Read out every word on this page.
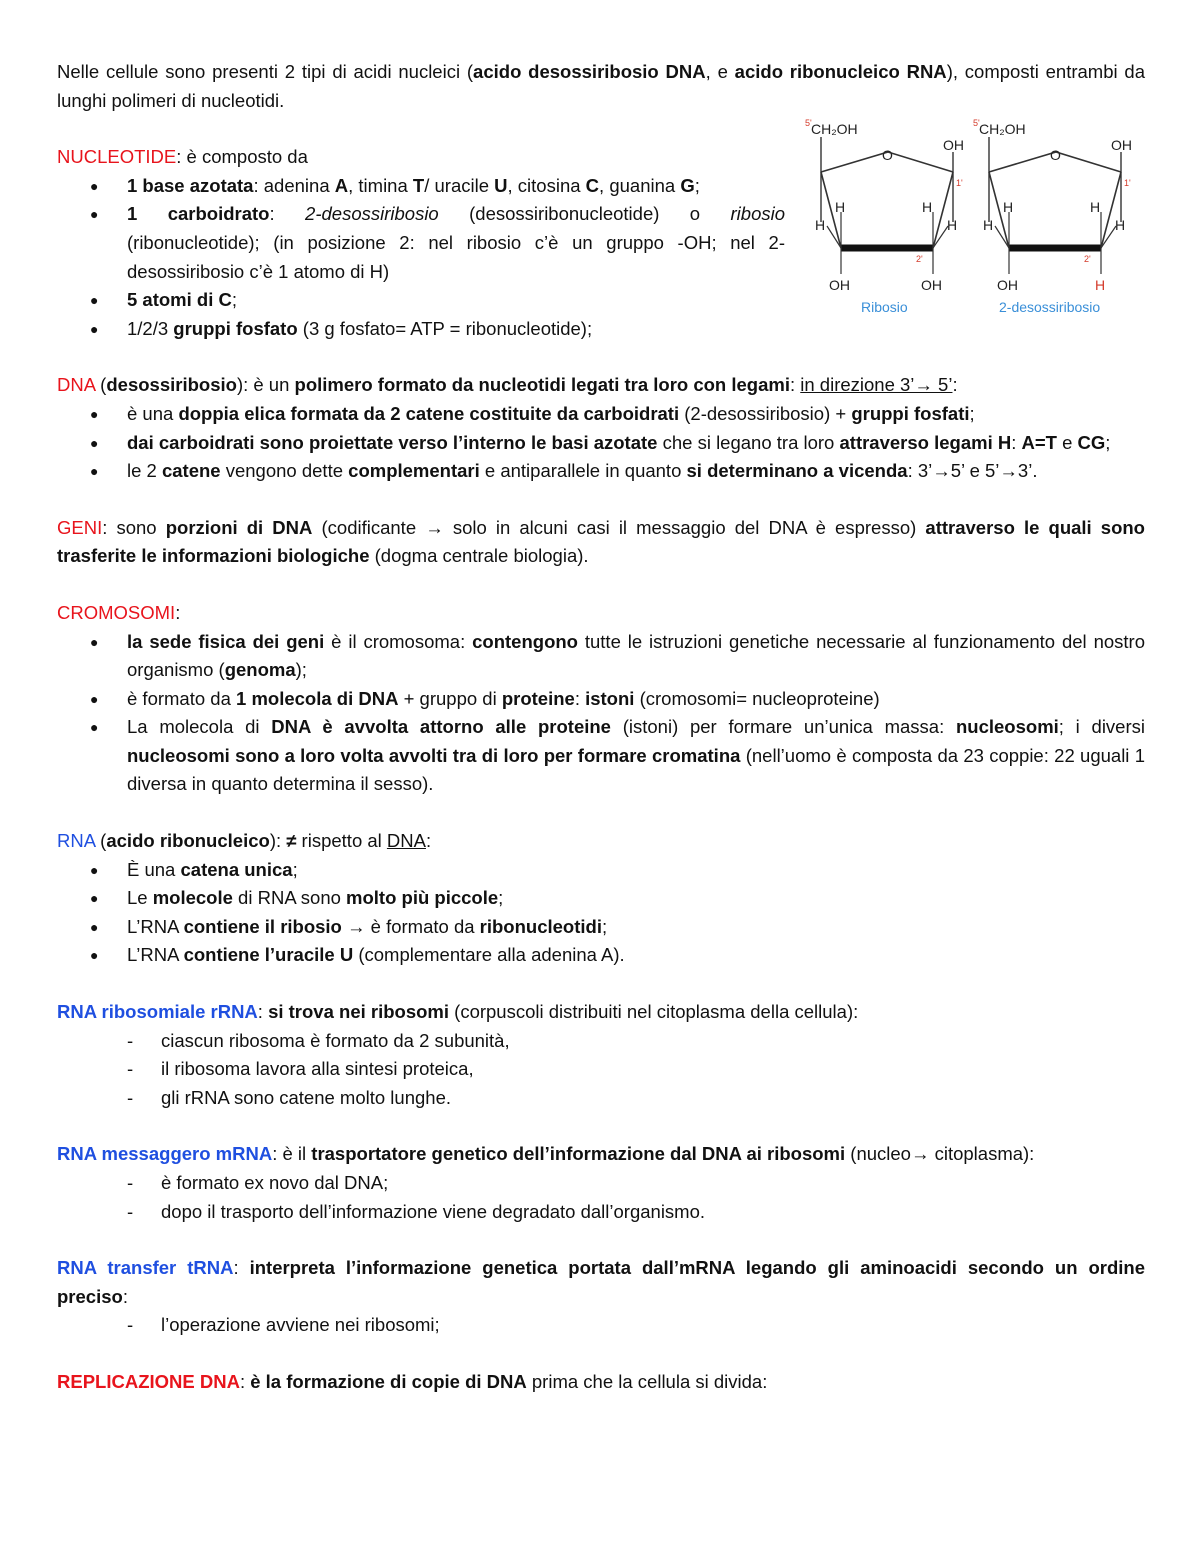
5' CH₂OH
O
OH
1'
H
H
H
H
2'
OH	OH
Ribosio
5' CH₂OH
O
OH
1'
H
H
H
H
2'
OH	H
2-desossiribosio

Nelle cellule sono presenti 2 tipi di acidi nucleici (acido desossiribosio DNA, e acido ribonucleico RNA), composti entrambi da lunghi polimeri di nucleotidi.

NUCLEOTIDE: è composto da

● 1 base azotata: adenina A, timina T/ uracile U, citosina C, guanina G;
● 1 carboidrato: 2-desossiribosio (desossiribonucleotide) o ribosio (ribonucleotide); (in posizione 2: nel ribosio c’è un gruppo -OH; nel 2-desossiribosio c’è 1 atomo di H)
● 5 atomi di C;
● 1/2/3 gruppi fosfato (3 g fosfato= ATP = ribonucleotide);

DNA (desossiribosio): è un polimero formato da nucleotidi legati tra loro con legami: in direzione 3’→ 5’:

● è una doppia elica formata da 2 catene costituite da carboidrati (2-desossiribosio) + gruppi fosfati;
● dai carboidrati sono proiettate verso l’interno le basi azotate che si legano tra loro attraverso legami H: A=T e CG;
● le 2 catene vengono dette complementari e antiparallele in quanto si determinano a vicenda: 3’→5’ e 5’→3’.

GENI: sono porzioni di DNA (codificante → solo in alcuni casi il messaggio del DNA è espresso) attraverso le quali sono trasferite le informazioni biologiche (dogma centrale biologia).

CROMOSOMI:

● la sede fisica dei geni è il cromosoma: contengono tutte le istruzioni genetiche necessarie al funzionamento del nostro organismo (genoma);
● è formato da 1 molecola di DNA + gruppo di proteine: istoni (cromosomi= nucleoproteine)
● La molecola di DNA è avvolta attorno alle proteine (istoni) per formare un’unica massa: nucleosomi; i diversi nucleosomi sono a loro volta avvolti tra di loro per formare cromatina (nell’uomo è composta da 23 coppie: 22 uguali 1 diversa in quanto determina il sesso).

RNA (acido ribonucleico): ≠ rispetto al DNA:

● È una catena unica;
● Le molecole di RNA sono molto più piccole;
● L’RNA contiene il ribosio → è formato da ribonucleotidi;
● L’RNA contiene l’uracile U (complementare alla adenina A).

RNA ribosomiale rRNA: si trova nei ribosomi (corpuscoli distribuiti nel citoplasma della cellula):

- ciascun ribosoma è formato da 2 subunità,
- il ribosoma lavora alla sintesi proteica,
- gli rRNA sono catene molto lunghe.

RNA messaggero mRNA: è il trasportatore genetico dell’informazione dal DNA ai ribosomi (nucleo→ citoplasma):

- è formato ex novo dal DNA;
- dopo il trasporto dell’informazione viene degradato dall’organismo.

RNA transfer tRNA: interpreta l’informazione genetica portata dall’mRNA legando gli aminoacidi secondo un ordine preciso:

- l’operazione avviene nei ribosomi;

REPLICAZIONE DNA: è la formazione di copie di DNA prima che la cellula si divida:
